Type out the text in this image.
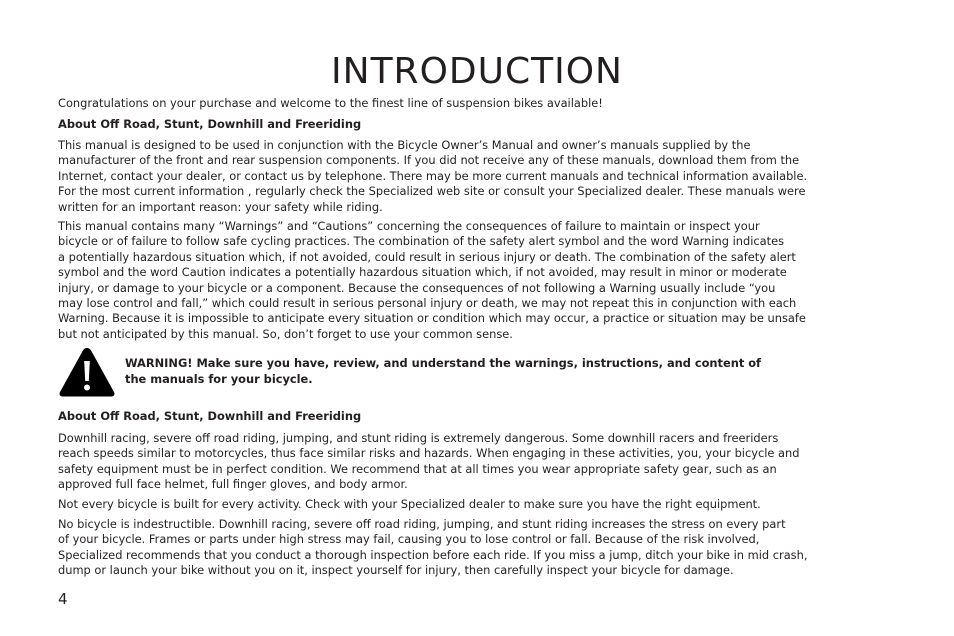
INTRODUCTION

Congratulations on your purchase and welcome to the finest line of suspension bikes available!

About Off Road, Stunt, Downhill and Freeriding

This manual is designed to be used in conjunction with the Bicycle Owner’s Manual and owner’s manuals supplied by the
manufacturer of the front and rear suspension components. If you did not receive any of these manuals, download them from the
Internet, contact your dealer, or contact us by telephone. There may be more current manuals and technical information available.
For the most current information , regularly check the Specialized web site or consult your Specialized dealer. These manuals were
written for an important reason: your safety while riding.

This manual contains many “Warnings” and “Cautions” concerning the consequences of failure to maintain or inspect your
bicycle or of failure to follow safe cycling practices. The combination of the safety alert symbol and the word Warning indicates
a potentially hazardous situation which, if not avoided, could result in serious injury or death. The combination of the safety alert
symbol and the word Caution indicates a potentially hazardous situation which, if not avoided, may result in minor or moderate
injury, or damage to your bicycle or a component. Because the consequences of not following a Warning usually include “you
may lose control and fall,” which could result in serious personal injury or death, we may not repeat this in conjunction with each
Warning. Because it is impossible to anticipate every situation or condition which may occur, a practice or situation may be unsafe
but not anticipated by this manual. So, don’t forget to use your common sense.

WARNING! Make sure you have, review, and understand the warnings, instructions, and content of
the manuals for your bicycle.

About Off Road, Stunt, Downhill and Freeriding

Downhill racing, severe off road riding, jumping, and stunt riding is extremely dangerous. Some downhill racers and freeriders
reach speeds similar to motorcycles, thus face similar risks and hazards. When engaging in these activities, you, your bicycle and
safety equipment must be in perfect condition. We recommend that at all times you wear appropriate safety gear, such as an
approved full face helmet, full finger gloves, and body armor.

Not every bicycle is built for every activity. Check with your Specialized dealer to make sure you have the right equipment.

No bicycle is indestructible. Downhill racing, severe off road riding, jumping, and stunt riding increases the stress on every part
of your bicycle. Frames or parts under high stress may fail, causing you to lose control or fall. Because of the risk involved,
Specialized recommends that you conduct a thorough inspection before each ride. If you miss a jump, ditch your bike in mid crash,
dump or launch your bike without you on it, inspect yourself for injury, then carefully inspect your bicycle for damage.

4
